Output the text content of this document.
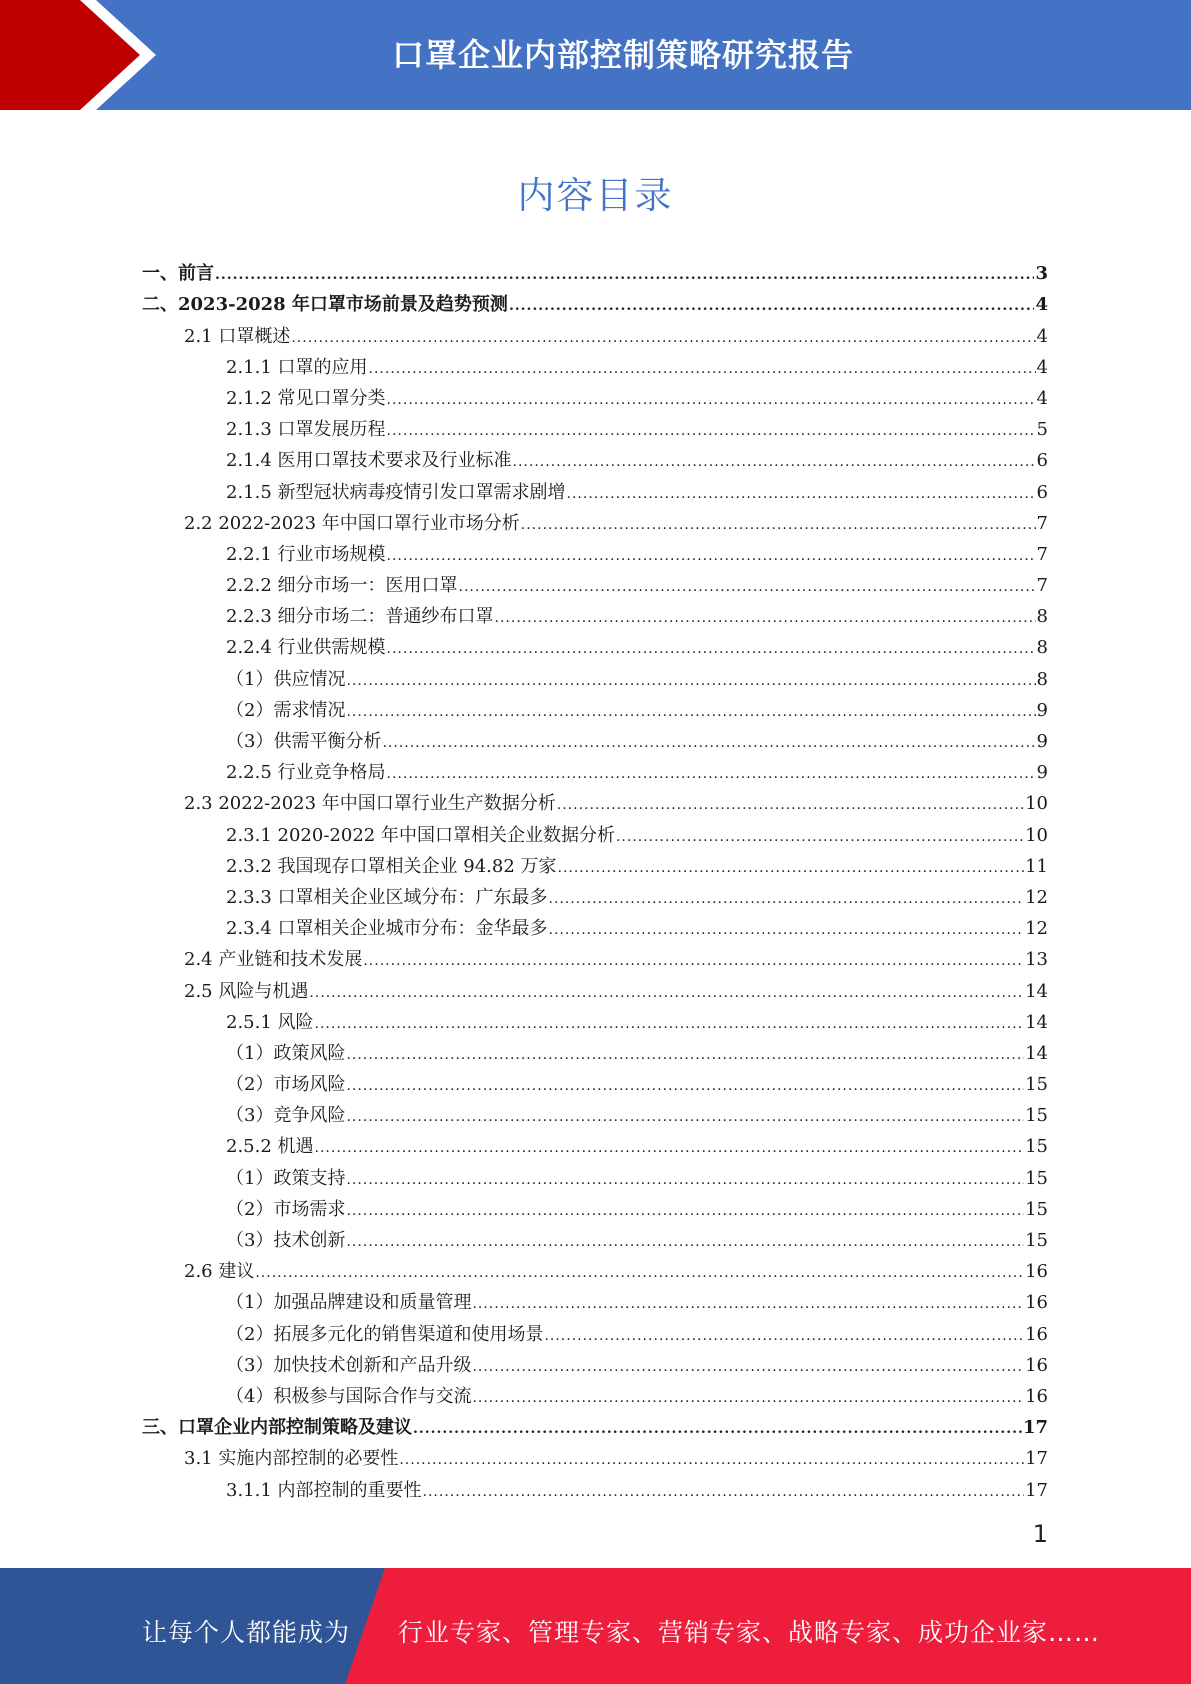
口罩企业内部控制策略研究报告
内容目录
一、前言 .....	3
二、2023-2028 年口罩市场前景及趋势预测 .....	4
2.1 口罩概述 .....	4
2.1.1 口罩的应用 .....	4
2.1.2 常见口罩分类 .....	4
2.1.3 口罩发展历程 .....	5
2.1.4 医用口罩技术要求及行业标准 .....	6
2.1.5 新型冠状病毒疫情引发口罩需求剧增 .....	6
2.2 2022-2023 年中国口罩行业市场分析 .....	7
2.2.1 行业市场规模 .....	7
2.2.2 细分市场一：医用口罩 .....	7
2.2.3 细分市场二：普通纱布口罩 .....	8
2.2.4 行业供需规模 .....	8
（1）供应情况 .....	8
（2）需求情况 .....	9
（3）供需平衡分析 .....	9
2.2.5 行业竞争格局 .....	9
2.3 2022-2023 年中国口罩行业生产数据分析 .....	10
2.3.1 2020-2022 年中国口罩相关企业数据分析 .....	10
2.3.2 我国现存口罩相关企业 94.82 万家 .....	11
2.3.3 口罩相关企业区域分布：广东最多 .....	12
2.3.4 口罩相关企业城市分布：金华最多 .....	12
2.4 产业链和技术发展 .....	13
2.5 风险与机遇 .....	14
2.5.1 风险 .....	14
（1）政策风险 .....	14
（2）市场风险 .....	15
（3）竞争风险 .....	15
2.5.2 机遇 .....	15
（1）政策支持 .....	15
（2）市场需求 .....	15
（3）技术创新 .....	15
2.6 建议 .....	16
（1）加强品牌建设和质量管理 .....	16
（2）拓展多元化的销售渠道和使用场景 .....	16
（3）加快技术创新和产品升级 .....	16
（4）积极参与国际合作与交流 .....	16
三、口罩企业内部控制策略及建议 .....	17
3.1 实施内部控制的必要性 .....	17
3.1.1 内部控制的重要性 .....	17
1
让每个人都能成为 行业专家、管理专家、营销专家、战略专家、成功企业家……
